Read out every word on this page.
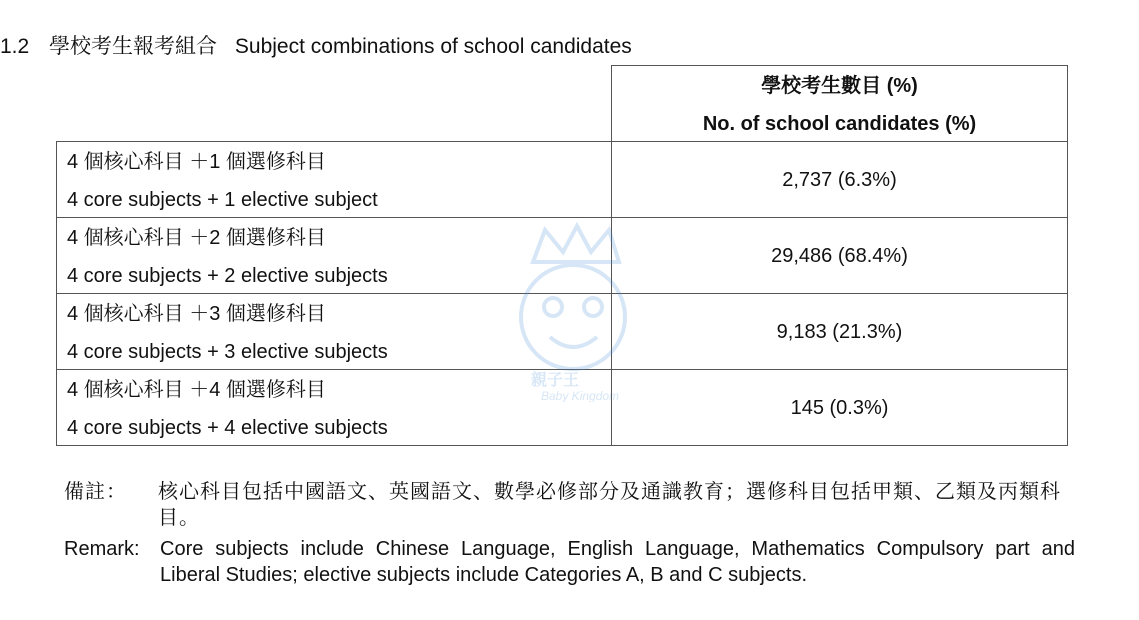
1.2 學校考生報考組合 Subject combinations of school candidates
學校考生數目 (%)
No. of school candidates (%)
4 個核心科目 ＋1 個選修科目
4 core subjects + 1 elective subject
2,737 (6.3%)
4 個核心科目 ＋2 個選修科目
4 core subjects + 2 elective subjects
29,486 (68.4%)
4 個核心科目 ＋3 個選修科目
4 core subjects + 3 elective subjects
9,183 (21.3%)
4 個核心科目 ＋4 個選修科目
4 core subjects + 4 elective subjects
145 (0.3%)
親子王
Baby Kingdom
備註： 核心科目包括中國語文、英國語文、數學必修部分及通識教育；選修科目包括甲類、乙類及丙類科目。
Remark: Core subjects include Chinese Language, English Language, Mathematics Compulsory part and Liberal Studies; elective subjects include Categories A, B and C subjects.
